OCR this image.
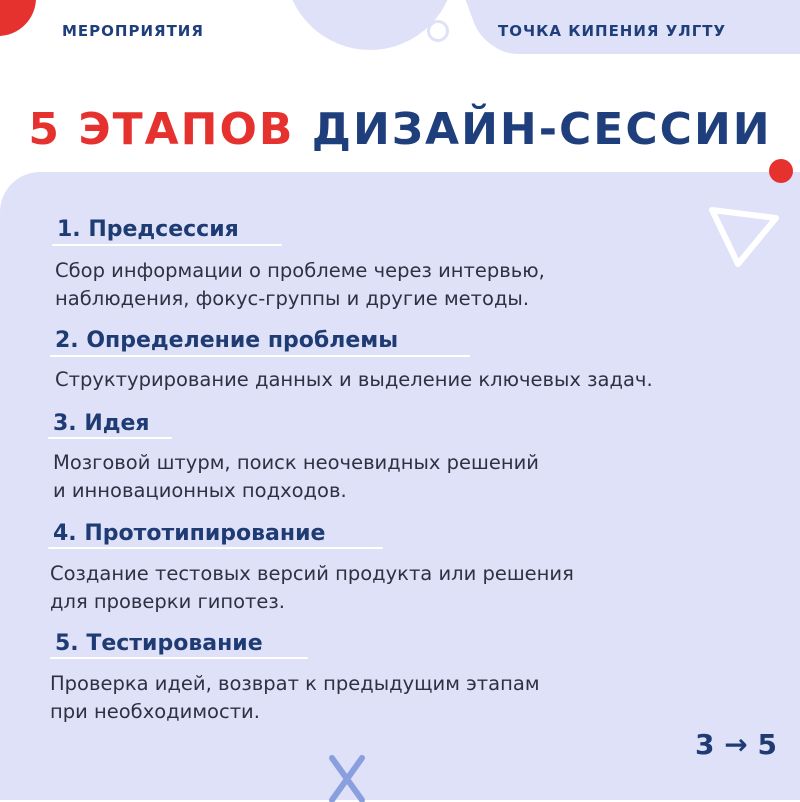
МЕРОПРИЯТИЯ	ТОЧКА КИПЕНИЯ УЛГТУ
5 ЭТАПОВ ДИЗАЙН-СЕССИИ
1. Предсессия
Сбор информации о проблеме через интервью,
наблюдения, фокус-группы и другие методы.
2. Определение проблемы
Структурирование данных и выделение ключевых задач.
3. Идея
Мозговой штурм, поиск неочевидных решений
и инновационных подходов.
4. Прототипирование
Создание тестовых версий продукта или решения
для проверки гипотез.
5. Тестирование
Проверка идей, возврат к предыдущим этапам
при необходимости.
3 → 5
